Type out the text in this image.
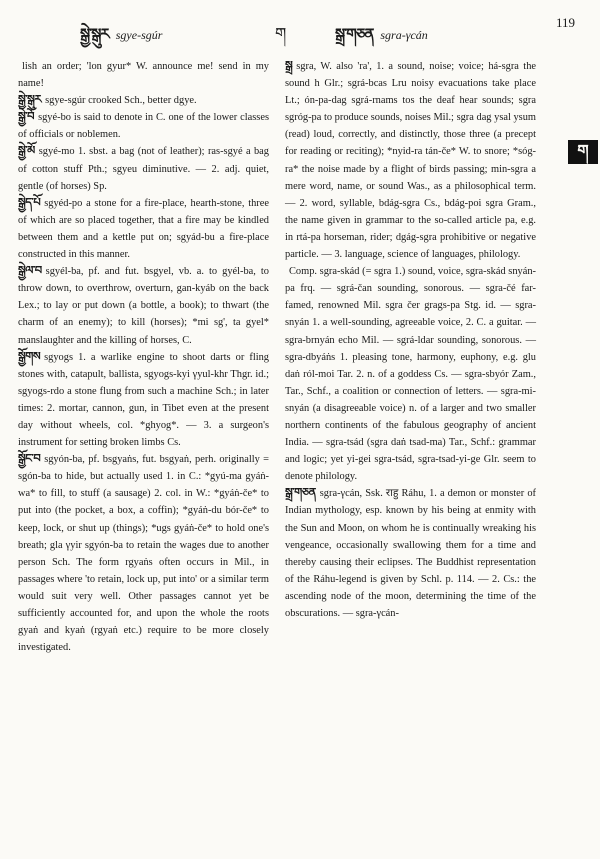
སྒྱེ་སྒུར sgye-sgúr	ག	སྒྲ་གཅན sgra-γcán
119
ག

lish an order; 'lon gyur* W. announce me! send in my name!

སྒྱེ་སྒུར sgye-sgúr crooked Sch., better dgye.

སྒྱེ་བོ sgyé-bo is said to denote in C. one of the lower classes of officials or noblemen.

སྒྱེ་མོ sgyé-mo 1. sbst. a bag (not of leather); ras-sgyé a bag of cotton stuff Pth.; sgyeu diminutive. — 2. adj. quiet, gentle (of horses) Sp.

སྒྱེད་པོ sgyéd-po a stone for a fire-place, hearth-stone, three of which are so placed together, that a fire may be kindled between them and a kettle put on; sgyád-bu a fire-place constructed in this manner.

སྒྱེལ་བ sgyél-ba, pf. and fut. bsgyel, vb. a. to gyél-ba, to throw down, to overthrow, overturn, gan-kyáb on the back Lex.; to lay or put down (a bottle, a book); to thwart (the charm of an enemy); to kill (horses); *mi sg', ta gyel* manslaughter and the killing of horses, C.

སྒྱོགས sgyogs 1. a warlike engine to shoot darts or fling stones with, catapult, ballista, sgyogs-kyi γyul-khr Thgr. id.; sgyogs-rdo a stone flung from such a machine Sch.; in later times: 2. mortar, cannon, gun, in Tibet even at the present day without wheels, col. *ghyog*. — 3. a surgeon's instrument for setting broken limbs Cs.

སྒྱོང་བ sgyón-ba, pf. bsgyaṅs, fut. bsgyaṅ, perh. originally = sgón-ba to hide, but actually used 1. in C.: *gyú-ma gyáṅ-wa* to fill, to stuff (a sausage) 2. col. in W.: *gyáṅ-če* to put into (the pocket, a box, a coffin); *gyáṅ-du bór-če* to keep, lock, or shut up (things); *ugs gyáṅ-če* to hold one's breath; gla γyir sgyón-ba to retain the wages due to another person Sch. The form rgyaṅs often occurs in Mil., in passages where 'to retain, lock up, put into' or a similar term would suit very well. Other passages cannot yet be sufficiently accounted for, and upon the whole the roots gyaṅ and kyaṅ (rgyaṅ etc.) require to be more closely investigated.

སྒྲ sgra, W. also 'ra', 1. a sound, noise; voice; há-sgra the sound h Glr.; sgrá-bcas Lru noisy evacuations take place Lt.; ón-pa-dag sgrá-rnams tos the deaf hear sounds; sgra sgróg-pa to produce sounds, noises Mil.; sgra dag ysal ysum (read) loud, correctly, and distinctly, those three (a precept for reading or reciting); *nyid-ra tán-če* W. to snore; *sóg-ra* the noise made by a flight of birds passing; min-sgra a mere word, name, or sound Was., as a philosophical term. — 2. word, syllable, bdág-sgra Cs., bdág-poi sgra Gram., the name given in grammar to the so-called article pa, e.g. in rtá-pa horseman, rider; dgág-sgra prohibitive or negative particle. — 3. language, science of languages, philology.

Comp. sgra-skád (= sgra 1.) sound, voice, sgra-skád snyán-pa frq. — sgrá-čan sounding, sonorous. — sgra-čé far-famed, renowned Mil. sgra čer grags-pa Stg. id. — sgra-snyán 1. a well-sounding, agreeable voice, 2. C. a guitar. — sgra-brnyán echo Mil. — sgrá-ldar sounding, sonorous. — sgra-dbyáṅs 1. pleasing tone, harmony, euphony, e.g. glu daṅ ról-moi Tar. 2. n. of a goddess Cs. — sgra-sbyór Zam., Tar., Schf., a coalition or connection of letters. — sgra-mi-snyán (a disagreeable voice) n. of a larger and two smaller northern continents of the fabulous geography of ancient India. — sgra-tsád (sgra daṅ tsad-ma) Tar., Schf.: grammar and logic; yet yi-gei sgra-tsád, sgra-tsad-yi-ge Glr. seem to denote philology.

སྒྲ་གཅན sgra-γcán, Ssk. राहु Ráhu, 1. a demon or monster of Indian mythology, esp. known by his being at enmity with the Sun and Moon, on whom he is continually wreaking his vengeance, occasionally swallowing them for a time and thereby causing their eclipses. The Buddhist representation of the Ráhu-legend is given by Schl. p. 114. — 2. Cs.: the ascending node of the moon, determining the time of the obscurations. — sgra-γcán-
